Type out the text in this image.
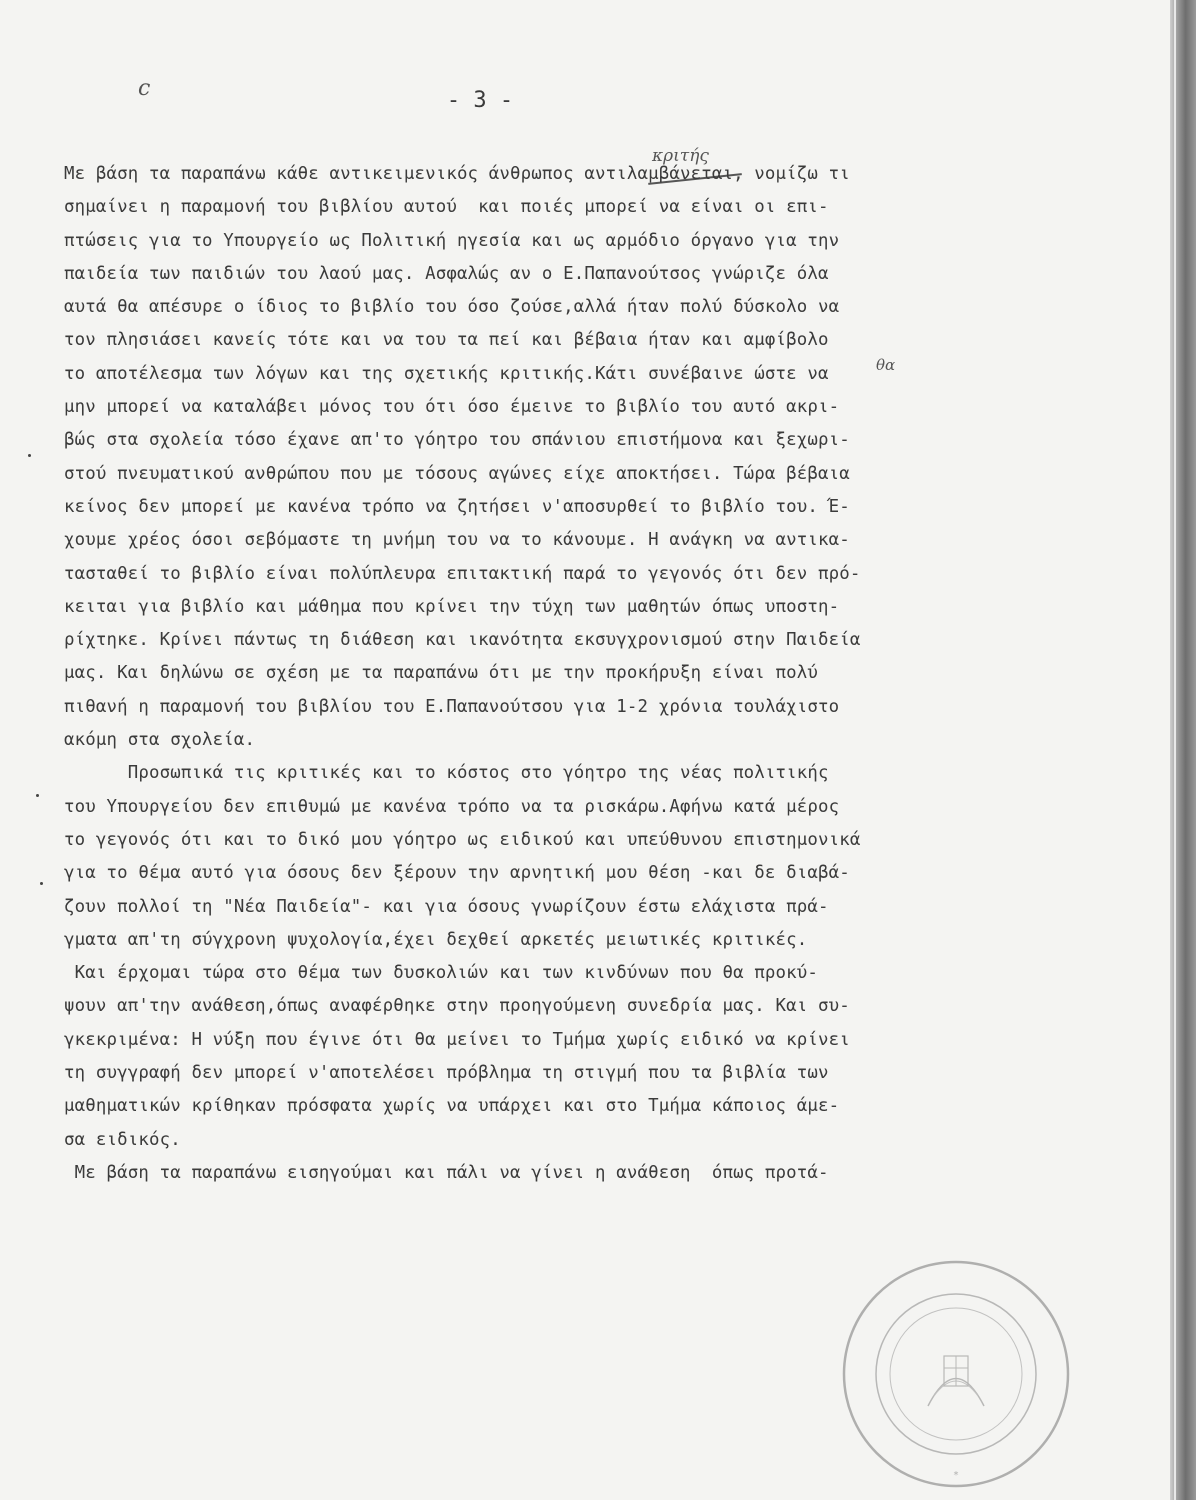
c	- 3 -
κριτής
θα
Με βάση τα παραπάνω κάθε αντικειμενικός άνθρωπος αντιλαμβάνεται, νομίζω τι
σημαίνει η παραμονή του βιβλίου αυτού  και ποιές μπορεί να είναι οι επι-
πτώσεις για το Υπουργείο ως Πολιτική ηγεσία και ως αρμόδιο όργανο για την
παιδεία των παιδιών του λαού μας. Ασφαλώς αν ο Ε.Παπανούτσος γνώριζε όλα
αυτά θα απέσυρε ο ίδιος το βιβλίο του όσο ζούσε,αλλά ήταν πολύ δύσκολο να
τον πλησιάσει κανείς τότε και να του τα πεί και βέβαια ήταν και αμφίβολο
το αποτέλεσμα των λόγων και της σχετικής κριτικής.Κάτι συνέβαινε ώστε να
μην μπορεί να καταλάβει μόνος του ότι όσο έμεινε το βιβλίο του αυτό ακρι-
βώς στα σχολεία τόσο έχανε απ'το γόητρο του σπάνιου επιστήμονα και ξεχωρι-
στού πνευματικού ανθρώπου που με τόσους αγώνες είχε αποκτήσει. Τώρα βέβαια
κείνος δεν μπορεί με κανένα τρόπο να ζητήσει ν'αποσυρθεί το βιβλίο του. Έ-
χουμε χρέος όσοι σεβόμαστε τη μνήμη του να το κάνουμε. Η ανάγκη να αντικα-
τασταθεί το βιβλίο είναι πολύπλευρα επιτακτική παρά το γεγονός ότι δεν πρό-
κειται για βιβλίο και μάθημα που κρίνει την τύχη των μαθητών όπως υποστη-
ρίχτηκε. Κρίνει πάντως τη διάθεση και ικανότητα εκσυγχρονισμού στην Παιδεία
μας. Και δηλώνω σε σχέση με τα παραπάνω ότι με την προκήρυξη είναι πολύ
πιθανή η παραμονή του βιβλίου του Ε.Παπανούτσου για 1-2 χρόνια τουλάχιστο
ακόμη στα σχολεία.
Προσωπικά τις κριτικές και το κόστος στο γόητρο της νέας πολιτικής
του Υπουργείου δεν επιθυμώ με κανένα τρόπο να τα ρισκάρω.Αφήνω κατά μέρος
το γεγονός ότι και το δικό μου γόητρο ως ειδικού και υπεύθυνου επιστημονικά
για το θέμα αυτό για όσους δεν ξέρουν την αρνητική μου θέση -και δε διαβά-
ζουν πολλοί τη "Νέα Παιδεία"- και για όσους γνωρίζουν έστω ελάχιστα πρά-
γματα απ'τη σύγχρονη ψυχολογία,έχει δεχθεί αρκετές μειωτικές κριτικές.
Και έρχομαι τώρα στο θέμα των δυσκολιών και των κινδύνων που θα προκύ-
ψουν απ'την ανάθεση,όπως αναφέρθηκε στην προηγούμενη συνεδρία μας. Και συ-
γκεκριμένα: Η νύξη που έγινε ότι θα μείνει το Τμήμα χωρίς ειδικό να κρίνει
τη συγγραφή δεν μπορεί ν'αποτελέσει πρόβλημα τη στιγμή που τα βιβλία των
μαθηματικών κρίθηκαν πρόσφατα χωρίς να υπάρχει και στο Τμήμα κάποιος άμε-
σα ειδικός.
Με βάση τα παραπάνω εισηγούμαι και πάλι να γίνει η ανάθεση  όπως προτά-
*
